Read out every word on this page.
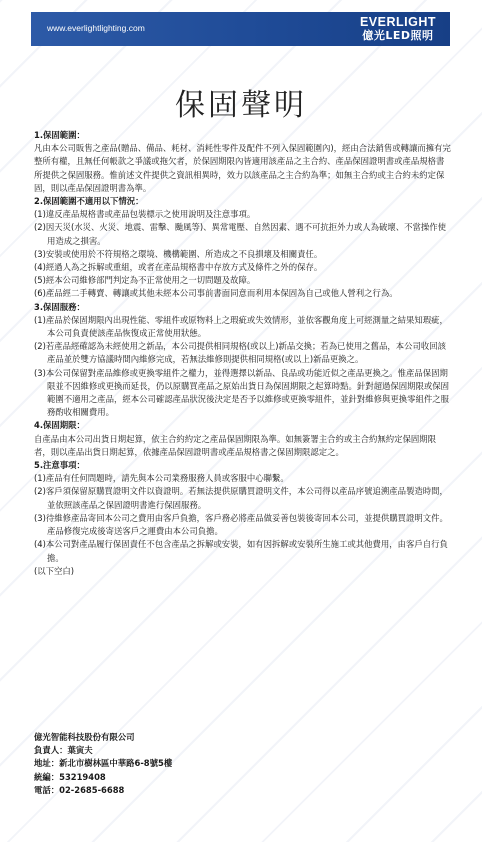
www.everlightlighting.com	EVERLIGHT
億光LED照明
保固聲明

1.保固範圍：

凡由本公司販售之產品(贈品、備品、耗材、消耗性零件及配件不列入保固範圍內)，經由合法銷售或轉讓而擁有完整所有權，且無任何帳款之爭議或拖欠者，於保固期限內皆適用該產品之主合約、產品保固證明書或產品規格書所提供之保固服務。惟前述文件提供之資訊相異時，效力以該產品之主合約為準；如無主合約或主合約未約定保固，則以產品保固證明書為準。

2.保固範圍不適用以下情況：

(1)違反產品規格書或產品包裝標示之使用說明及注意事項。

(2)因天災(水災、火災、地震、雷擊、颱風等)、異常電壓、自然因素、遇不可抗拒外力或人為破壞、不當操作使用造成之損害。

(3)安裝或使用於不符規格之環境、機構範圍、所造成之不良損壞及相關責任。

(4)經過人為之拆解或重組，或者在產品規格書中存放方式及條件之外的保存。

(5)經本公司維修部門判定為不正常使用之一切問題及故障。

(6)產品經二手轉賣、轉讓或其他未經本公司事前書面同意而利用本保固為自己或他人營利之行為。

3.保固服務：

(1)產品於保固期限內出現性能、零組件或原物料上之瑕疵或失效情形，並依客觀角度上可經測量之結果知瑕疵，本公司負責使該產品恢復成正常使用狀態。

(2)若產品經確認為未經使用之新品，本公司提供相同規格(或以上)新品交換；若為已使用之舊品，本公司收回該產品並於雙方協議時間內維修完成，若無法維修則提供相同規格(或以上)新品更換之。

(3)本公司保留對產品維修或更換零組件之權力，並得選擇以新品、良品或功能近似之產品更換之。惟產品保固期限並不因維修或更換而延長，仍以原購買產品之原始出貨日為保固期限之起算時點。針對超過保固期限或保固範圍不適用之產品，經本公司確認產品狀況後決定是否予以維修或更換零組件，並針對維修與更換零組件之服務酌收相關費用。

4.保固期限：

自產品由本公司出貨日期起算，依主合約約定之產品保固期限為準。如無簽署主合約或主合約無約定保固期限者，則以產品出貨日期起算，依據產品保固證明書或產品規格書之保固期限認定之。

5.注意事項：

(1)產品有任何問題時，請先與本公司業務服務人員或客服中心聯繫。

(2)客戶須保留原購買證明文件以資證明。若無法提供原購買證明文件，本公司得以產品序號追溯產品製造時間，並依照該產品之保固證明書進行保固服務。

(3)待維修產品寄回本公司之費用由客戶負擔，客戶務必將產品做妥善包裝後寄回本公司，並提供購買證明文件。產品修復完成後寄送客戶之運費由本公司負擔。

(4)本公司對產品履行保固責任不包含產品之拆解或安裝，如有因拆解或安裝所生施工或其他費用，由客戶自行負擔。

(以下空白)

億光智能科技股份有限公司
負責人：葉寅夫
地址：新北市樹林區中華路6-8號5樓
統編：53219408
電話：02-2685-6688
